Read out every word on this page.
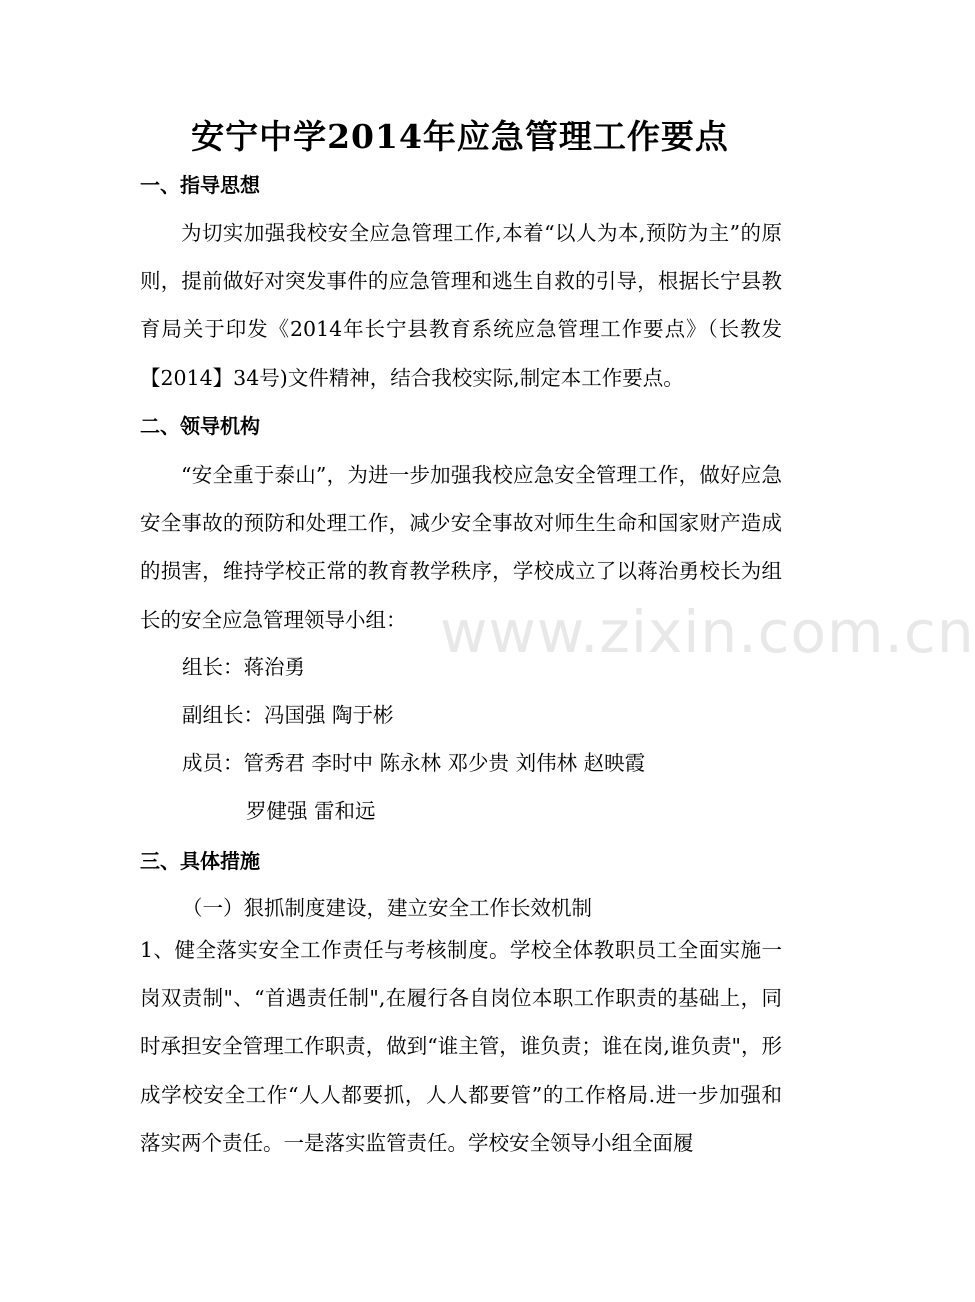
安宁中学2014年应急管理工作要点
一、指导思想
为切实加强我校安全应急管理工作,本着“以人为本,预防为主”的原则，提前做好对突发事件的应急管理和逃生自救的引导，根据长宁县教育局关于印发《2014年长宁县教育系统应急管理工作要点》（长教发【2014】34号)文件精神，结合我校实际,制定本工作要点。
二、领导机构
“安全重于泰山”，为进一步加强我校应急安全管理工作，做好应急安全事故的预防和处理工作，减少安全事故对师生生命和国家财产造成的损害，维持学校正常的教育教学秩序，学校成立了以蒋治勇校长为组长的安全应急管理领导小组：
组长：蒋治勇
副组长：冯国强 陶于彬
成员：管秀君 李时中 陈永林 邓少贵 刘伟林 赵映霞
罗健强 雷和远
三、具体措施
（一）狠抓制度建设，建立安全工作长效机制
1、健全落实安全工作责任与考核制度。学校全体教职员工全面实施一岗双责制"、“首遇责任制",在履行各自岗位本职工作职责的基础上，同时承担安全管理工作职责，做到“谁主管，谁负责；谁在岗,谁负责"，形成学校安全工作“人人都要抓，人人都要管”的工作格局.进一步加强和落实两个责任。一是落实监管责任。学校安全领导小组全面履
www.zixin.com.cn
